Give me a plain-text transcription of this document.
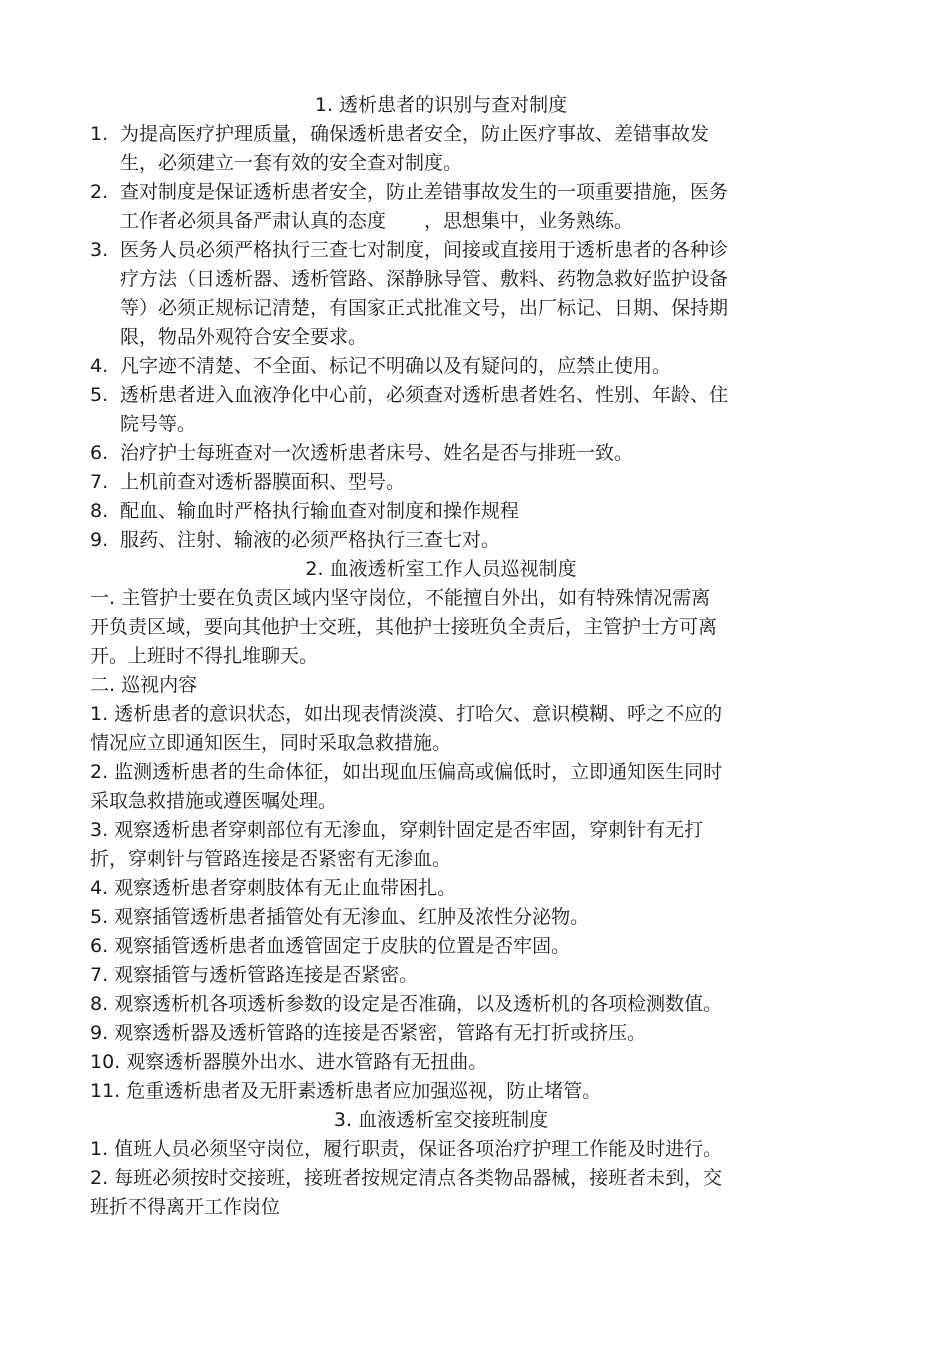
1. 透析患者的识别与查对制度
1. 为提高医疗护理质量，确保透析患者安全，防止医疗事故、差错事故发
生，必须建立一套有效的安全查对制度。
2. 查对制度是保证透析患者安全，防止差错事故发生的一项重要措施，医务
工作者必须具备严肃认真的态度　　，思想集中，业务熟练。
3. 医务人员必须严格执行三查七对制度，间接或直接用于透析患者的各种诊
疗方法（日透析器、透析管路、深静脉导管、敷料、药物急救好监护设备
等）必须正规标记清楚，有国家正式批准文号，出厂标记、日期、保持期
限，物品外观符合安全要求。
4. 凡字迹不清楚、不全面、标记不明确以及有疑问的，应禁止使用。
5. 透析患者进入血液净化中心前，必须查对透析患者姓名、性别、年龄、住
院号等。
6. 治疗护士每班查对一次透析患者床号、姓名是否与排班一致。
7. 上机前查对透析器膜面积、型号。
8. 配血、输血时严格执行输血查对制度和操作规程
9. 服药、注射、输液的必须严格执行三查七对。
2. 血液透析室工作人员巡视制度
一. 主管护士要在负责区域内坚守岗位，不能擅自外出，如有特殊情况需离
开负责区域，要向其他护士交班，其他护士接班负全责后，主管护士方可离
开。上班时不得扎堆聊天。
二. 巡视内容
1. 透析患者的意识状态，如出现表情淡漠、打哈欠、意识模糊、呼之不应的
情况应立即通知医生，同时采取急救措施。
2. 监测透析患者的生命体征，如出现血压偏高或偏低时，立即通知医生同时
采取急救措施或遵医嘱处理。
3. 观察透析患者穿刺部位有无渗血，穿刺针固定是否牢固，穿刺针有无打
折，穿刺针与管路连接是否紧密有无渗血。
4. 观察透析患者穿刺肢体有无止血带困扎。
5. 观察插管透析患者插管处有无渗血、红肿及浓性分泌物。
6. 观察插管透析患者血透管固定于皮肤的位置是否牢固。
7. 观察插管与透析管路连接是否紧密。
8. 观察透析机各项透析参数的设定是否准确，以及透析机的各项检测数值。
9. 观察透析器及透析管路的连接是否紧密，管路有无打折或挤压。
10. 观察透析器膜外出水、进水管路有无扭曲。
11. 危重透析患者及无肝素透析患者应加强巡视，防止堵管。
3. 血液透析室交接班制度
1. 值班人员必须坚守岗位，履行职责，保证各项治疗护理工作能及时进行。
2. 每班必须按时交接班，接班者按规定清点各类物品器械，接班者未到，交
班折不得离开工作岗位
